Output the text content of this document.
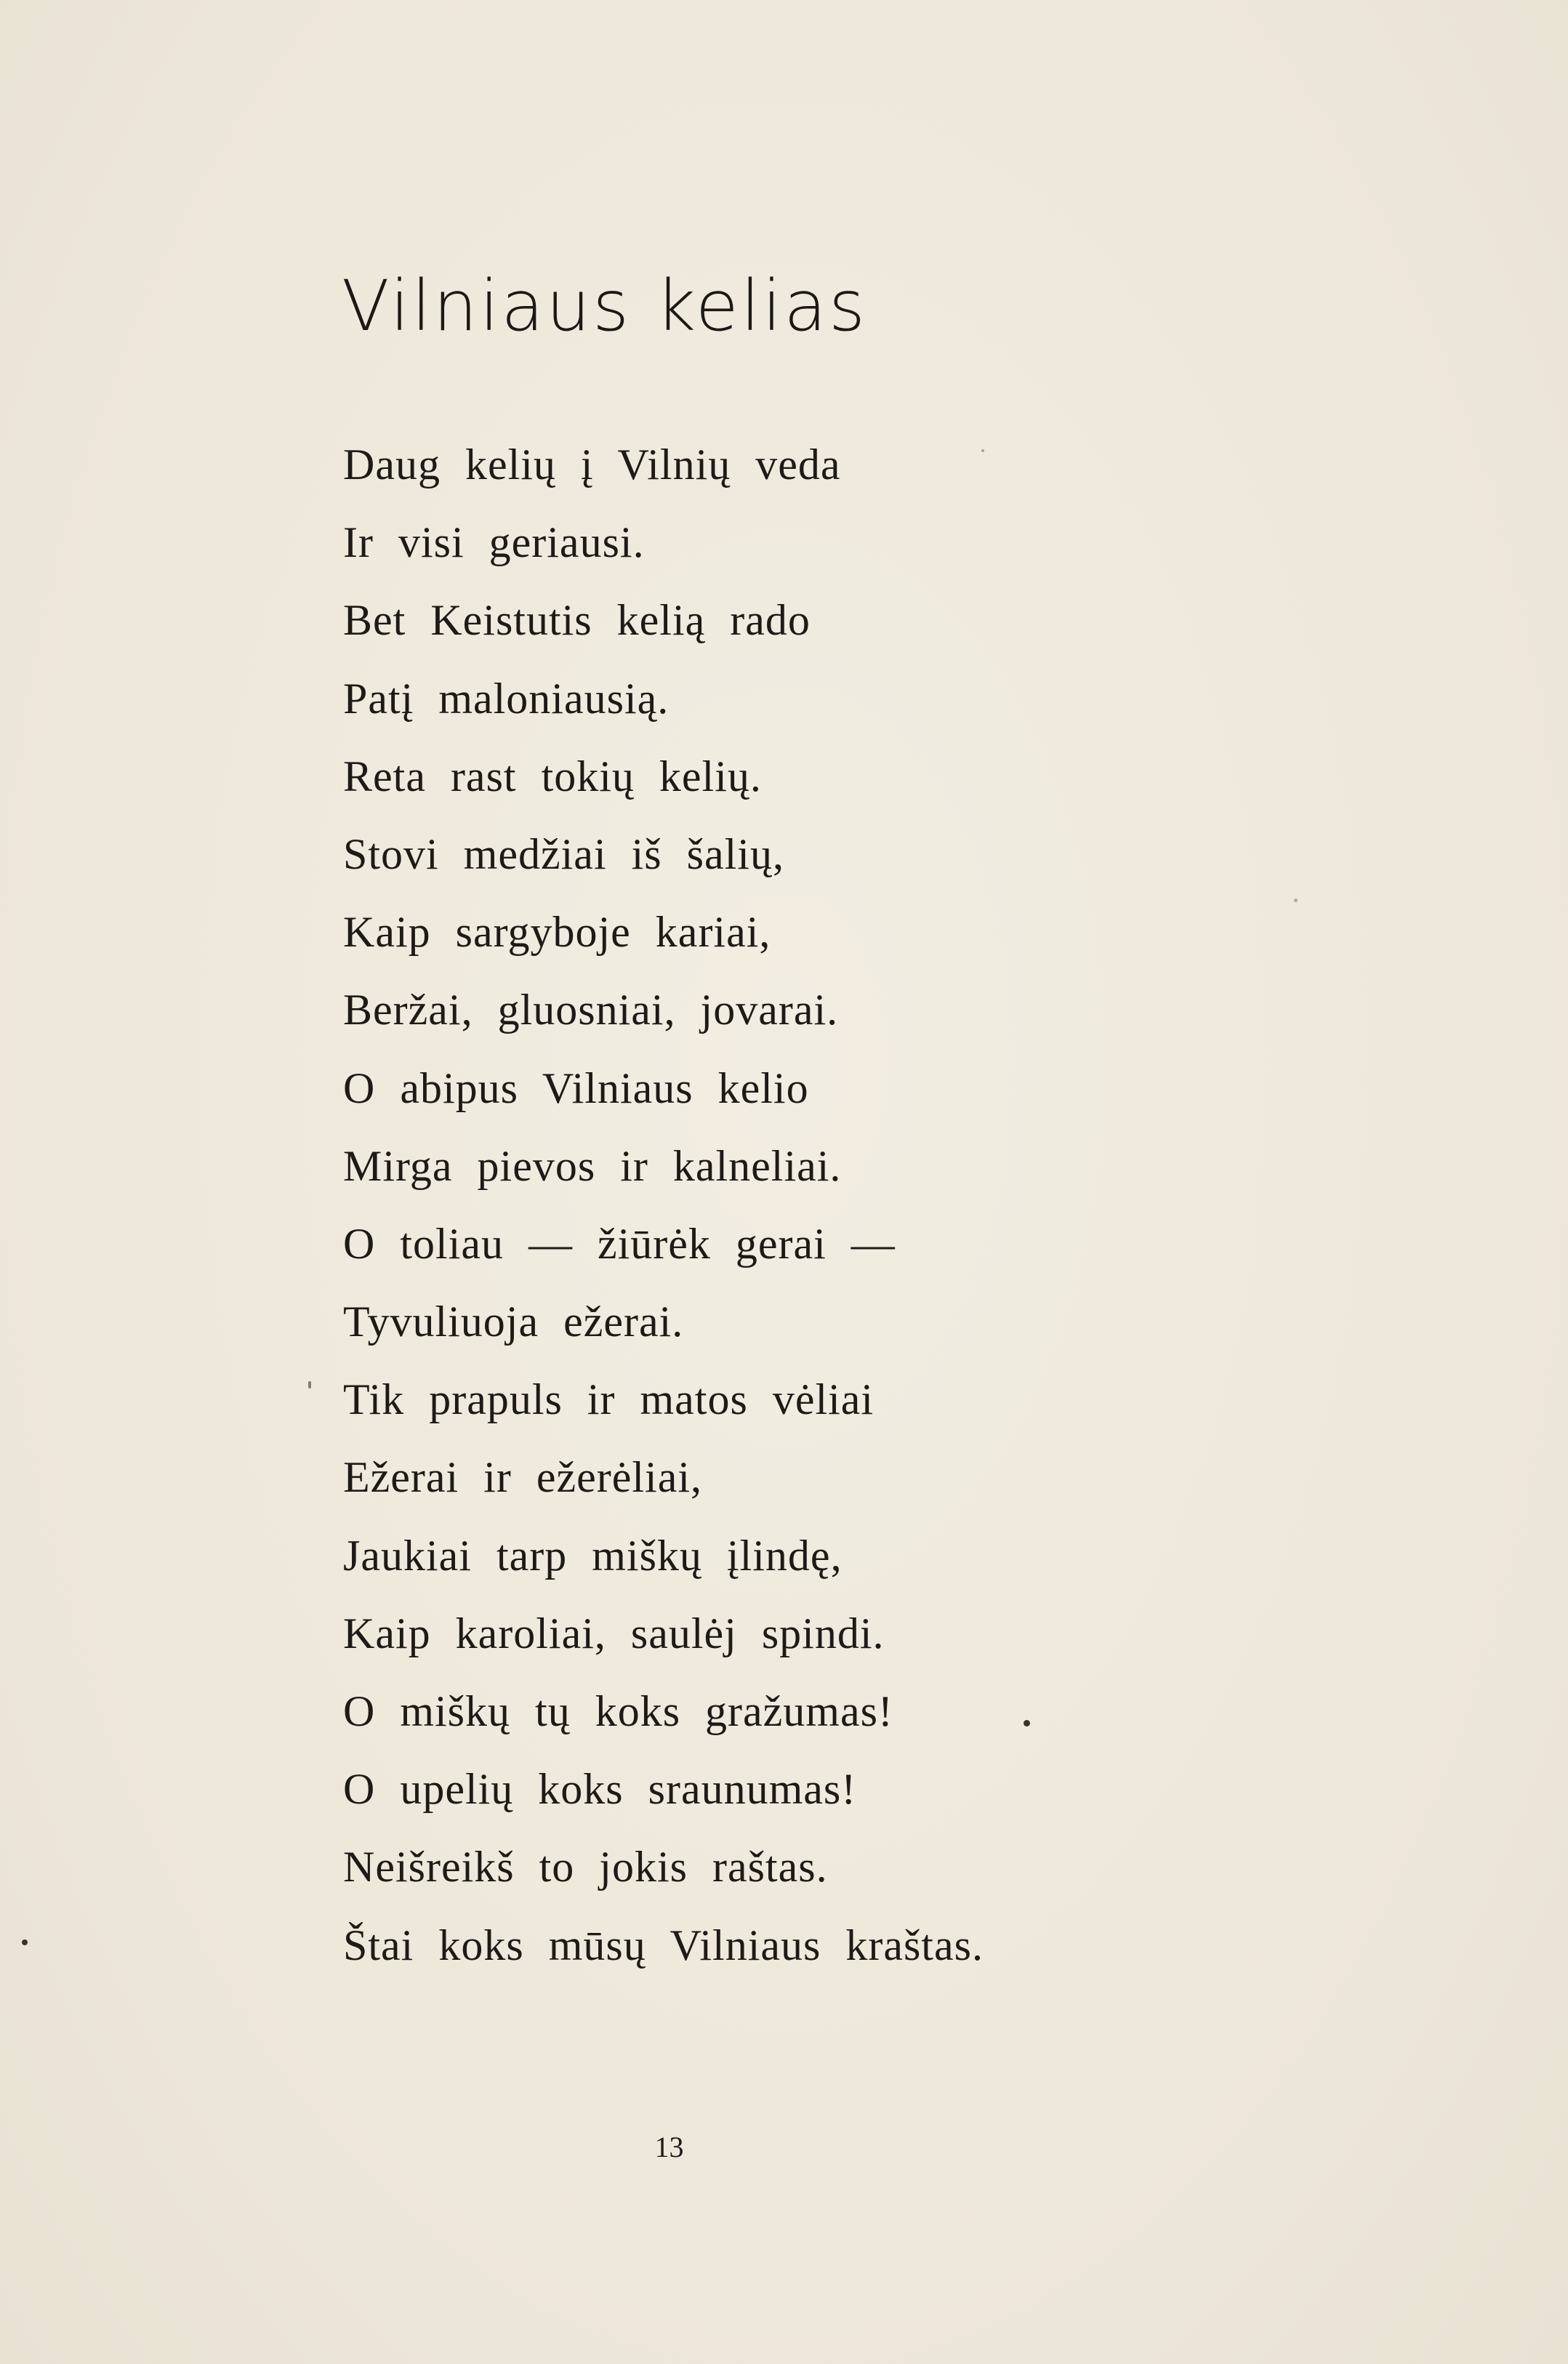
Vilniaus kelias
Daug kelių į Vilnių veda
Ir visi geriausi.
Bet Keistutis kelią rado
Patį maloniausią.
Reta rast tokių kelių.
Stovi medžiai iš šalių,
Kaip sargyboje kariai,
Beržai, gluosniai, jovarai.
O abipus Vilniaus kelio
Mirga pievos ir kalneliai.
O toliau — žiūrėk gerai —
Tyvuliuoja ežerai.
Tik prapuls ir matos vėliai
Ežerai ir ežerėliai,
Jaukiai tarp miškų įlindę,
Kaip karoliai, saulėj spindi.
O miškų tų koks gražumas!
O upelių koks sraunumas!
Neišreikš to jokis raštas.
Štai koks mūsų Vilniaus kraštas.
13
